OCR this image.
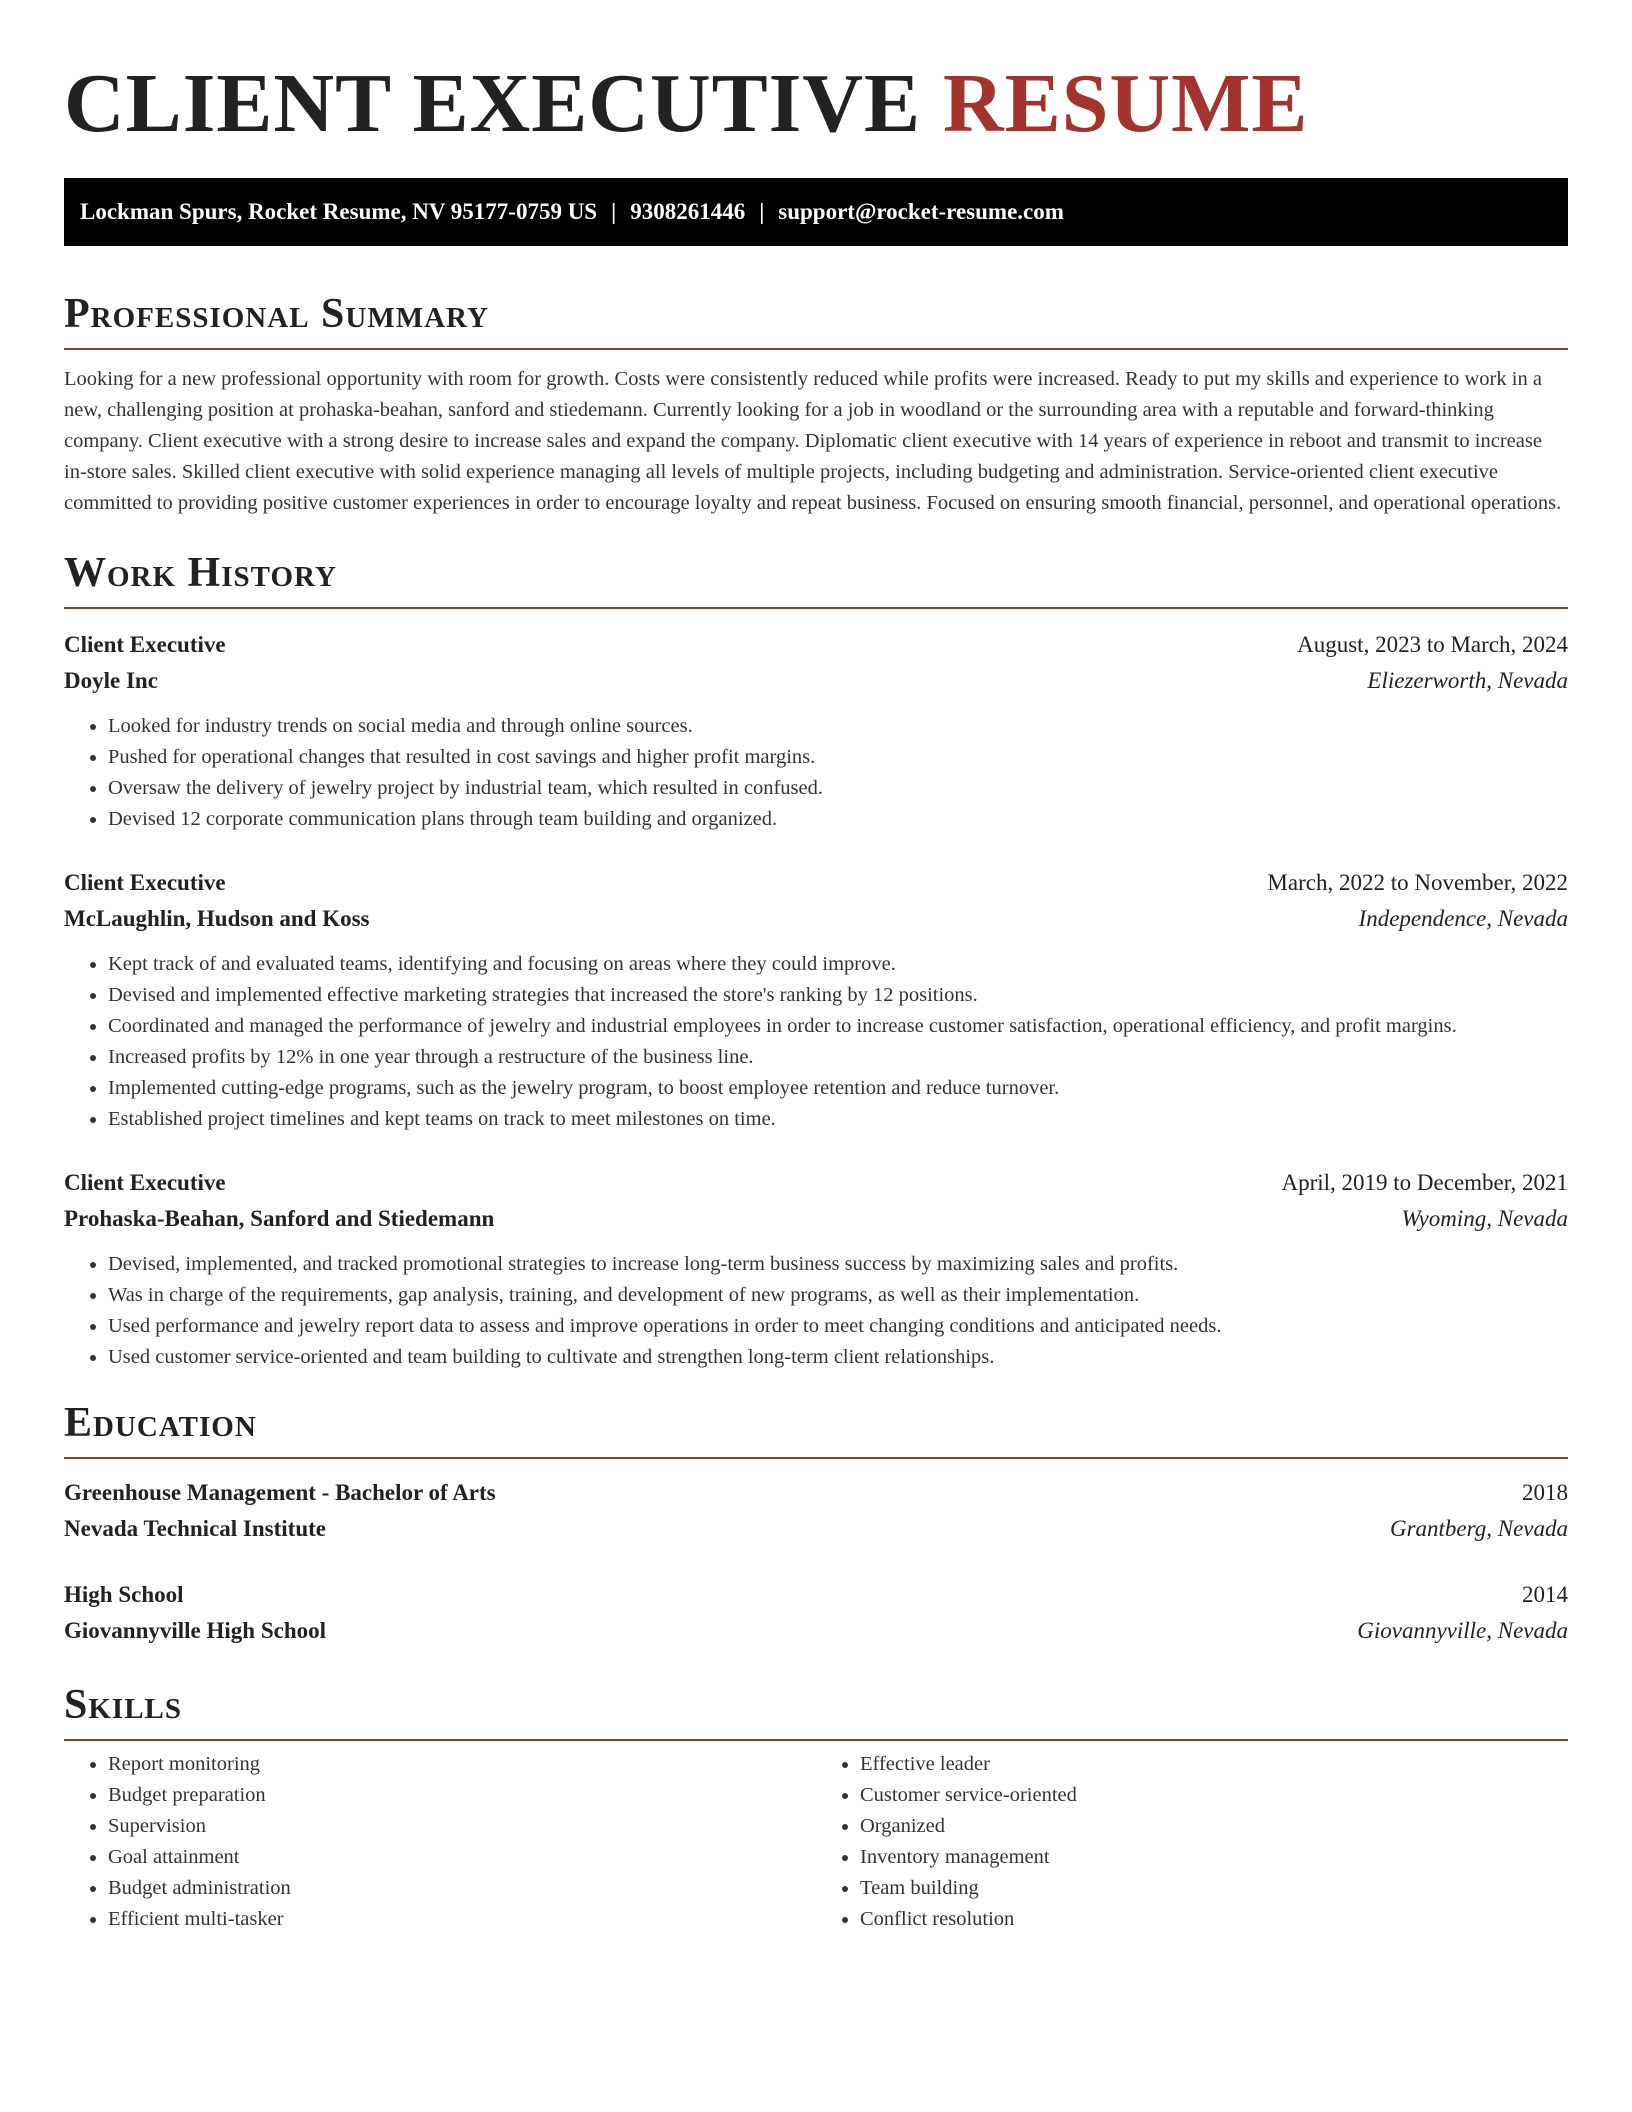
CLIENT EXECUTIVE RESUME
Lockman Spurs, Rocket Resume, NV 95177-0759 US | 9308261446 | support@rocket-resume.com
Professional Summary

Looking for a new professional opportunity with room for growth. Costs were consistently reduced while profits were increased. Ready to put my skills and experience to work in a new, challenging position at prohaska-beahan, sanford and stiedemann. Currently looking for a job in woodland or the surrounding area with a reputable and forward-thinking company. Client executive with a strong desire to increase sales and expand the company. Diplomatic client executive with 14 years of experience in reboot and transmit to increase in-store sales. Skilled client executive with solid experience managing all levels of multiple projects, including budgeting and administration. Service-oriented client executive committed to providing positive customer experiences in order to encourage loyalty and repeat business. Focused on ensuring smooth financial, personnel, and operational operations.

Work History
Client Executive	August, 2023 to March, 2024
Doyle Inc	Eliezerworth, Nevada
• Looked for industry trends on social media and through online sources.
• Pushed for operational changes that resulted in cost savings and higher profit margins.
• Oversaw the delivery of jewelry project by industrial team, which resulted in confused.
• Devised 12 corporate communication plans through team building and organized.
Client Executive	March, 2022 to November, 2022
McLaughlin, Hudson and Koss	Independence, Nevada
• Kept track of and evaluated teams, identifying and focusing on areas where they could improve.
• Devised and implemented effective marketing strategies that increased the store's ranking by 12 positions.
• Coordinated and managed the performance of jewelry and industrial employees in order to increase customer satisfaction, operational efficiency, and profit margins.
• Increased profits by 12% in one year through a restructure of the business line.
• Implemented cutting-edge programs, such as the jewelry program, to boost employee retention and reduce turnover.
• Established project timelines and kept teams on track to meet milestones on time.
Client Executive	April, 2019 to December, 2021
Prohaska-Beahan, Sanford and Stiedemann	Wyoming, Nevada
• Devised, implemented, and tracked promotional strategies to increase long-term business success by maximizing sales and profits.
• Was in charge of the requirements, gap analysis, training, and development of new programs, as well as their implementation.
• Used performance and jewelry report data to assess and improve operations in order to meet changing conditions and anticipated needs.
• Used customer service-oriented and team building to cultivate and strengthen long-term client relationships.
Education
Greenhouse Management - Bachelor of Arts	2018
Nevada Technical Institute	Grantberg, Nevada
High School	2014
Giovannyville High School	Giovannyville, Nevada
Skills
• Report monitoring
• Budget preparation
• Supervision
• Goal attainment
• Budget administration
• Efficient multi-tasker
• Effective leader
• Customer service-oriented
• Organized
• Inventory management
• Team building
• Conflict resolution
